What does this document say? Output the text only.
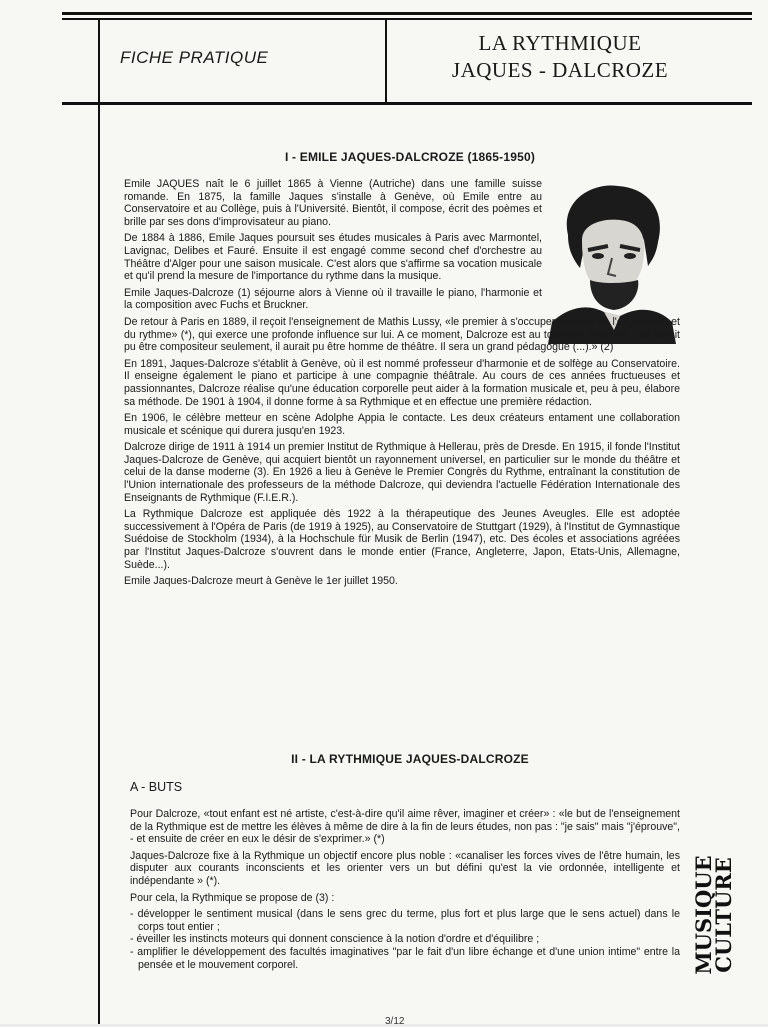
FICHE PRATIQUE
LA RYTHMIQUE
JAQUES - DALCROZE
I - EMILE JAQUES-DALCROZE (1865-1950)

Emile JAQUES naît le 6 juillet 1865 à Vienne (Autriche) dans une famille suisse romande. En 1875, la famille Jaques s'installe à Genève, où Emile entre au Conservatoire et au Collège, puis à l'Université. Bientôt, il compose, écrit des poèmes et brille par ses dons d'improvisateur au piano.

De 1884 à 1886, Emile Jaques poursuit ses études musicales à Paris avec Marmontel, Lavignac, Delibes et Fauré. Ensuite il est engagé comme second chef d'orchestre au Théâtre d'Alger pour une saison musicale. C'est alors que s'affirme sa vocation musicale et qu'il prend la mesure de l'importance du rythme dans la musique.

Emile Jaques-Dalcroze (1) séjourne alors à Vienne où il travaille le piano, l'harmonie et la composition avec Fuchs et Bruckner.

De retour à Paris en 1889, il reçoit l'enseignement de Mathis Lussy, «le premier à s'occuper des lois de l'expression et du rythme» (*), qui exerce une profonde influence sur lui. A ce moment, Dalcroze est au tournant de sa vie : «Il aurait pu être compositeur seulement, il aurait pu être homme de théâtre. Il sera un grand pédagogue (...).» (2)

En 1891, Jaques-Dalcroze s'établit à Genève, où il est nommé professeur d'harmonie et de solfège au Conservatoire. Il enseigne également le piano et participe à une compagnie théâtrale. Au cours de ces années fructueuses et passionnantes, Dalcroze réalise qu'une éducation corporelle peut aider à la formation musicale et, peu à peu, élabore sa méthode. De 1901 à 1904, il donne forme à sa Rythmique et en effectue une première rédaction.

En 1906, le célèbre metteur en scène Adolphe Appia le contacte. Les deux créateurs entament une collaboration musicale et scénique qui durera jusqu'en 1923.

Dalcroze dirige de 1911 à 1914 un premier Institut de Rythmique à Hellerau, près de Dresde. En 1915, il fonde l'Institut Jaques-Dalcroze de Genève, qui acquiert bientôt un rayonnement universel, en particulier sur le monde du théâtre et celui de la danse moderne (3). En 1926 a lieu à Genève le Premier Congrès du Rythme, entraînant la constitution de l'Union internationale des professeurs de la méthode Dalcroze, qui deviendra l'actuelle Fédération Internationale des Enseignants de Rythmique (F.I.E.R.).

La Rythmique Dalcroze est appliquée dès 1922 à la thérapeutique des Jeunes Aveugles. Elle est adoptée successivement à l'Opéra de Paris (de 1919 à 1925), au Conservatoire de Stuttgart (1929), à l'Institut de Gymnastique Suédoise de Stockholm (1934), à la Hochschule für Musik de Berlin (1947), etc. Des écoles et associations agréées par l'Institut Jaques-Dalcroze s'ouvrent dans le monde entier (France, Angleterre, Japon, Etats-Unis, Allemagne, Suède...).

Emile Jaques-Dalcroze meurt à Genève le 1er juillet 1950.

II - LA RYTHMIQUE JAQUES-DALCROZE
A - BUTS

Pour Dalcroze, «tout enfant est né artiste, c'est-à-dire qu'il aime rêver, imaginer et créer» : «le but de l'enseignement de la Rythmique est de mettre les élèves à même de dire à la fin de leurs études, non pas : "je sais" mais "j'éprouve", - et ensuite de créer en eux le désir de s'exprimer.» (*)

Jaques-Dalcroze fixe à la Rythmique un objectif encore plus noble : «canaliser les forces vives de l'être humain, les disputer aux courants inconscients et les orienter vers un but défini qu'est la vie ordonnée, intelligente et indépendante » (*).

Pour cela, la Rythmique se propose de (3) :

- développer le sentiment musical (dans le sens grec du terme, plus fort et plus large que le sens actuel) dans le corps tout entier ;
- éveiller les instincts moteurs qui donnent conscience à la notion d'ordre et d'équilibre ;
- amplifier le développement des facultés imaginatives "par le fait d'un libre échange et d'une union intime" entre la pensée et le mouvement corporel.	MUSIQUE
CULTURE
3/12
